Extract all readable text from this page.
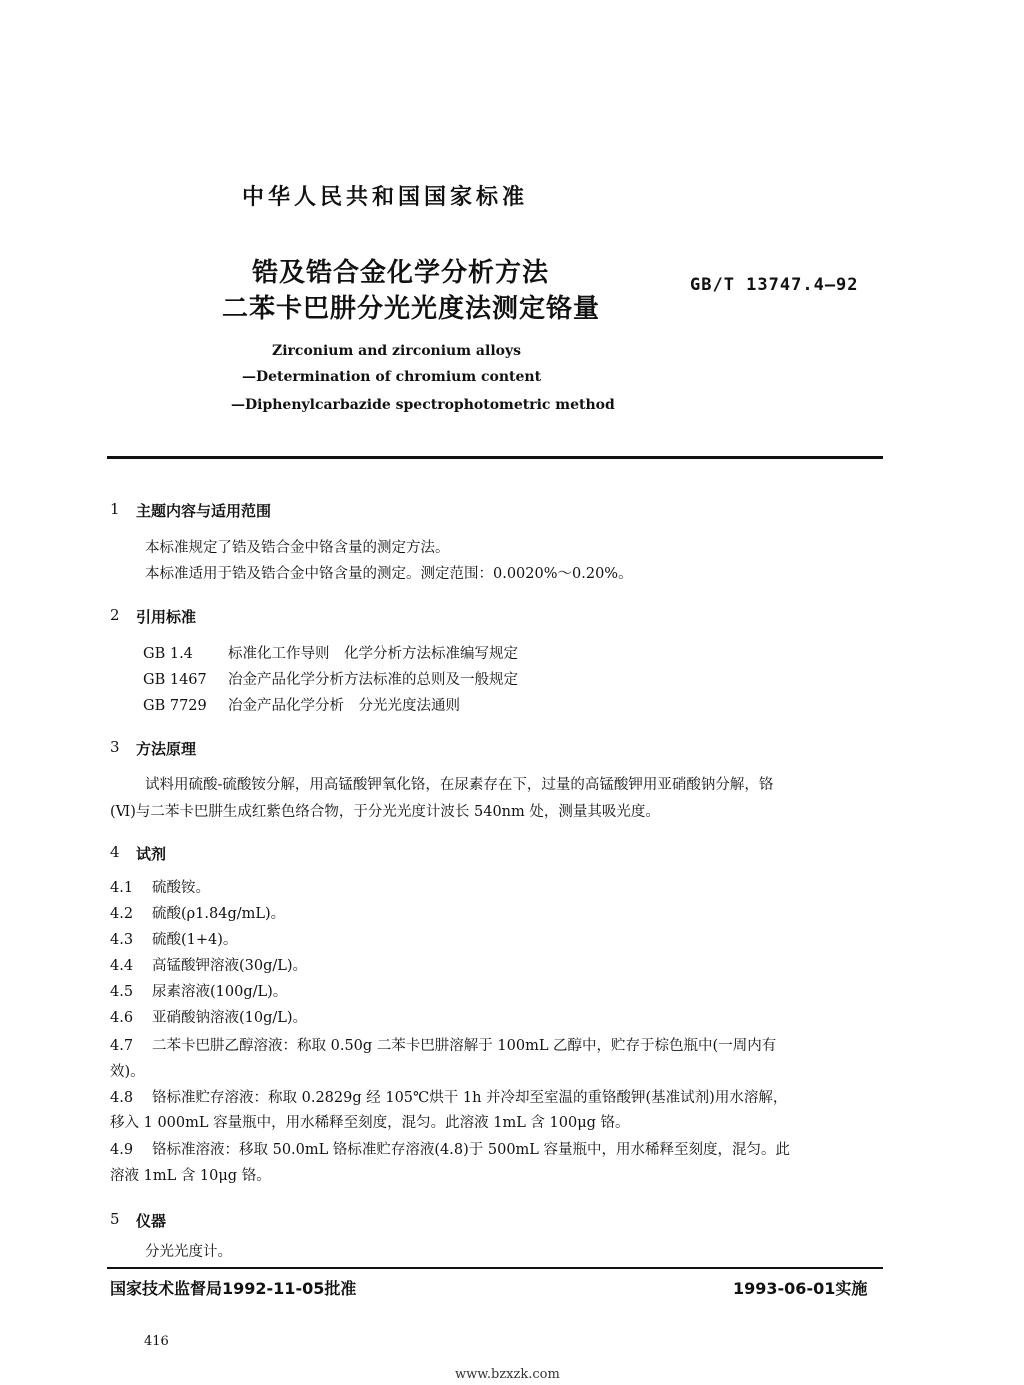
中华人民共和国国家标准
锆及锆合金化学分析方法
二苯卡巴肼分光光度法测定铬量
GB/T 13747.4—92
Zirconium and zirconium alloys
—Determination of chromium content
—Diphenylcarbazide spectrophotometric method
1 主题内容与适用范围
本标准规定了锆及锆合金中铬含量的测定方法。
本标准适用于锆及锆合金中铬含量的测定。测定范围：0.0020%～0.20%。
2 引用标准
GB 1.4 标准化工作导则　化学分析方法标准编写规定
GB 1467 冶金产品化学分析方法标准的总则及一般规定
GB 7729 冶金产品化学分析　分光光度法通则
3 方法原理
试料用硫酸-硫酸铵分解，用高锰酸钾氧化铬，在尿素存在下，过量的高锰酸钾用亚硝酸钠分解，铬
(Ⅵ)与二苯卡巴肼生成红紫色络合物，于分光光度计波长 540nm 处，测量其吸光度。
4 试剂
4.1 硫酸铵。
4.2 硫酸(ρ1.84g/mL)。
4.3 硫酸(1+4)。
4.4 高锰酸钾溶液(30g/L)。
4.5 尿素溶液(100g/L)。
4.6 亚硝酸钠溶液(10g/L)。
4.7 二苯卡巴肼乙醇溶液：称取 0.50g 二苯卡巴肼溶解于 100mL 乙醇中，贮存于棕色瓶中(一周内有
效)。
4.8 铬标准贮存溶液：称取 0.2829g 经 105℃烘干 1h 并冷却至室温的重铬酸钾(基准试剂)用水溶解，
移入 1 000mL 容量瓶中，用水稀释至刻度，混匀。此溶液 1mL 含 100μg 铬。
4.9 铬标准溶液：移取 50.0mL 铬标准贮存溶液(4.8)于 500mL 容量瓶中，用水稀释至刻度，混匀。此
溶液 1mL 含 10μg 铬。
5 仪器
分光光度计。
国家技术监督局1992-11-05批准	1993-06-01实施
416
www.bzxzk.com
